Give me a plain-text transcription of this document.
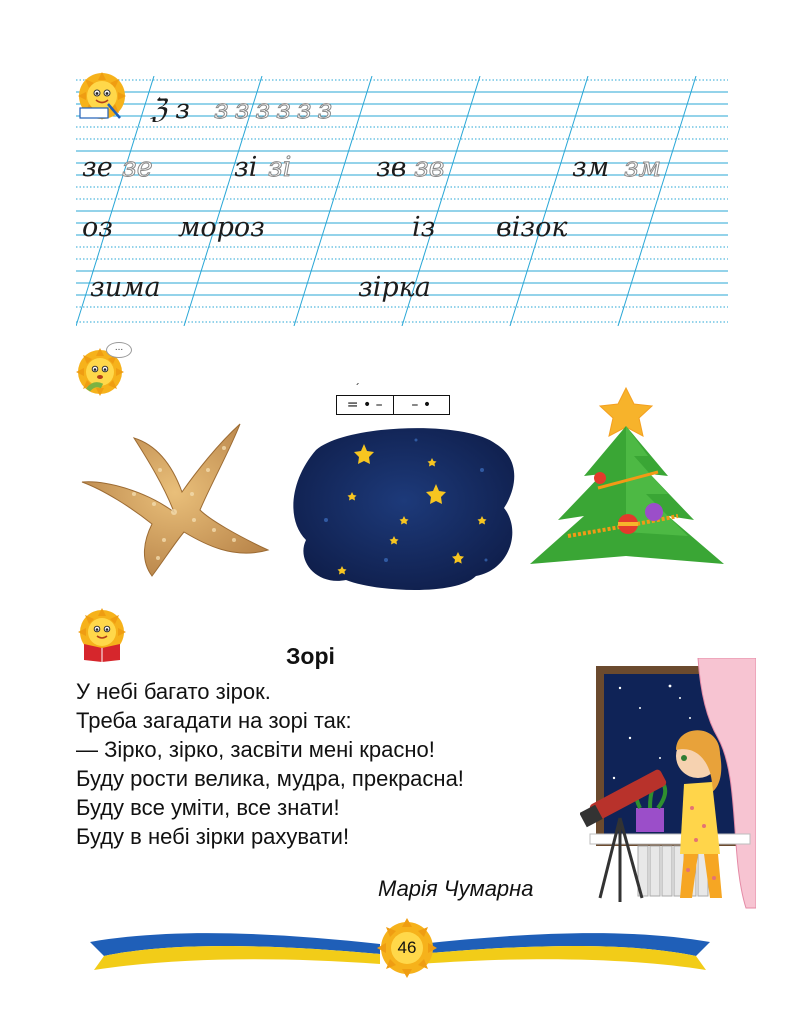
ℨ з зззззз
зе зе	зі зі	зв зв	зм зм
оз мороз	із візок
зима	зірка
...
´
= • –	– •
Зорі
У небі багато зірок.
Треба загадати на зорі так:
— Зірко, зірко, засвіти мені красно!
Буду рости велика, мудра, прекрасна!
Буду все уміти, все знати!
Буду в небі зірки рахувати!
Марія Чумарна
46
